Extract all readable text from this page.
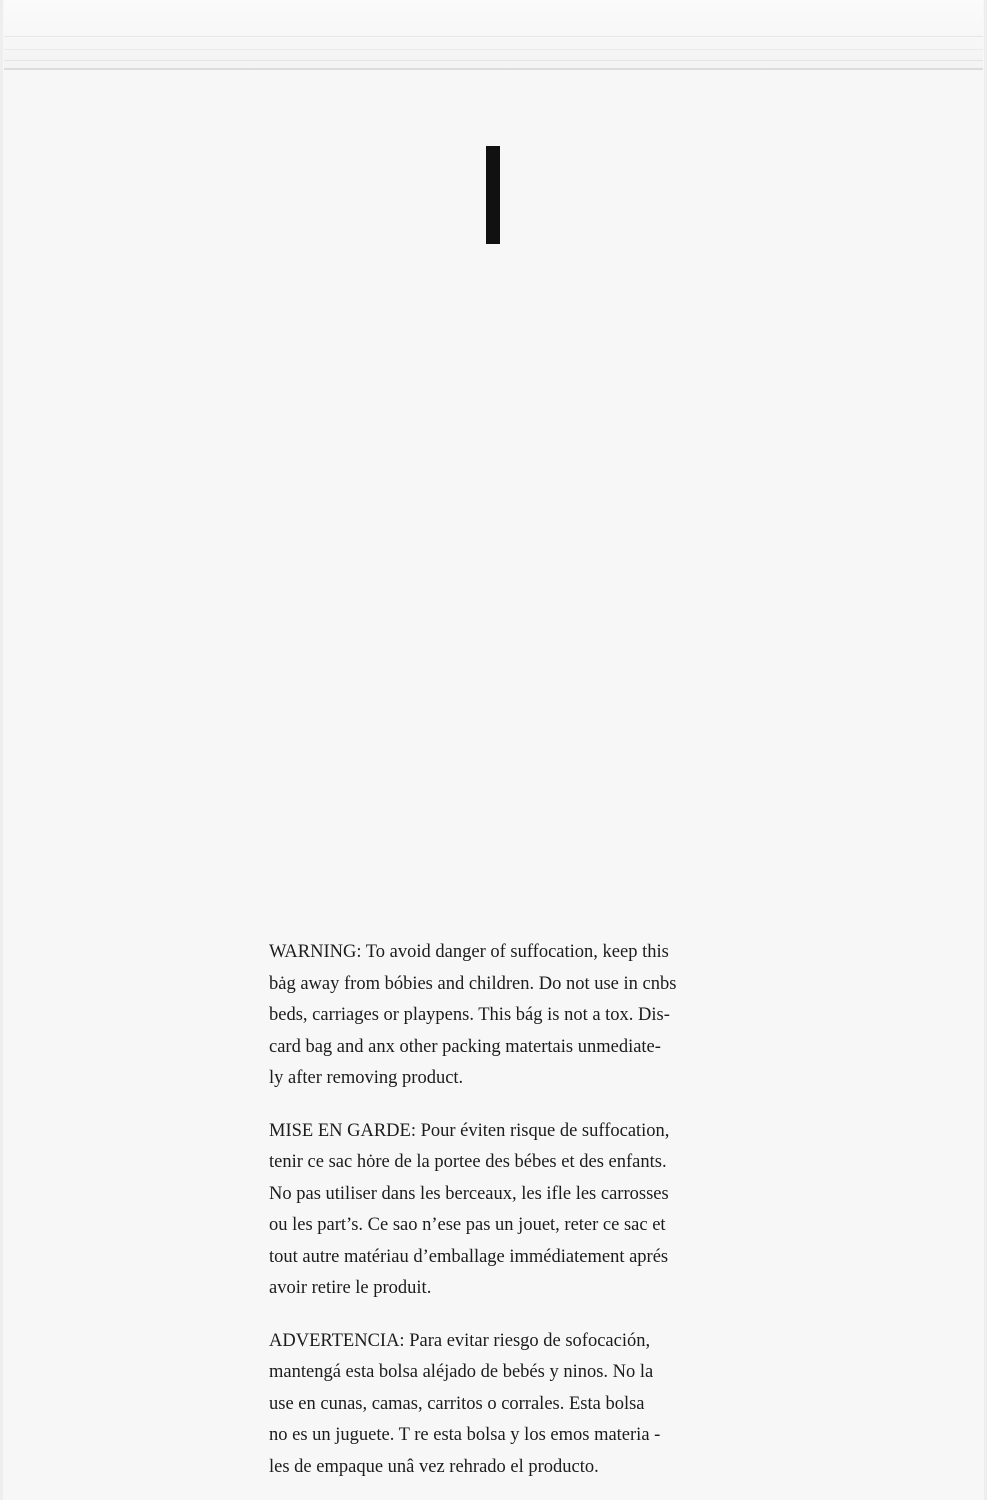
WARNING: To avoid danger of suffocation, keep this
bȧg away from bóbies and children. Do not use in cnbs
beds, carriages or playpens. This bág is not a tox. Dis-
card bag and anx other packing matertais unmediate-
ly after removing product.

MISE EN GARDE: Pour éviten risque de suffocation,
tenir ce sac hȯre de la portee des bébes et des enfants.
No pas utiliser dans les berceaux, les ifle les carrosses
ou les part’s. Ce sao n’ese pas un jouet, reter ce sac et
tout autre matériau d’emballage immédiatement aprés
avoir retire le produit.

ADVERTENCIA: Para evitar riesgo de sofocación,
mantengá esta bolsa aléjado de bebés y ninos. No la
use en cunas, camas, carritos o corrales. Esta bolsa
no es un juguete. T re esta bolsa y los emos materia -
les de empaque unâ vez rehrado el producto.
